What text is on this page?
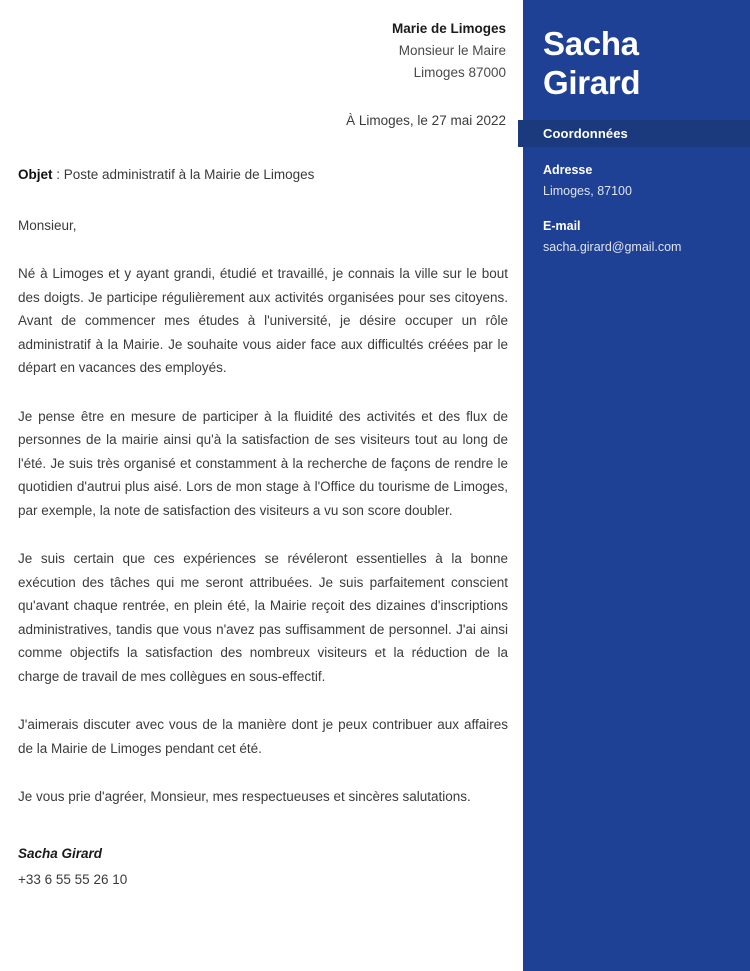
Marie de Limoges
Monsieur le Maire
Limoges 87000
À Limoges, le 27 mai 2022
Objet : Poste administratif à la Mairie de Limoges
Monsieur,
Né à Limoges et y ayant grandi, étudié et travaillé, je connais la ville sur le bout des doigts. Je participe régulièrement aux activités organisées pour ses citoyens. Avant de commencer mes études à l'université, je désire occuper un rôle administratif à la Mairie. Je souhaite vous aider face aux difficultés créées par le départ en vacances des employés.
Je pense être en mesure de participer à la fluidité des activités et des flux de personnes de la mairie ainsi qu'à la satisfaction de ses visiteurs tout au long de l'été. Je suis très organisé et constamment à la recherche de façons de rendre le quotidien d'autrui plus aisé. Lors de mon stage à l'Office du tourisme de Limoges, par exemple, la note de satisfaction des visiteurs a vu son score doubler.
Je suis certain que ces expériences se révéleront essentielles à la bonne exécution des tâches qui me seront attribuées. Je suis parfaitement conscient qu'avant chaque rentrée, en plein été, la Mairie reçoit des dizaines d'inscriptions administratives, tandis que vous n'avez pas suffisamment de personnel. J'ai ainsi comme objectifs la satisfaction des nombreux visiteurs et la réduction de la charge de travail de mes collègues en sous-effectif.
J'aimerais discuter avec vous de la manière dont je peux contribuer aux affaires de la Mairie de Limoges pendant cet été.
Je vous prie d'agréer, Monsieur, mes respectueuses et sincères salutations.
Sacha Girard
+33 6 55 55 26 10
Sacha
Girard
Coordonnées
Adresse
Limoges, 87100
E-mail
sacha.girard@gmail.com
